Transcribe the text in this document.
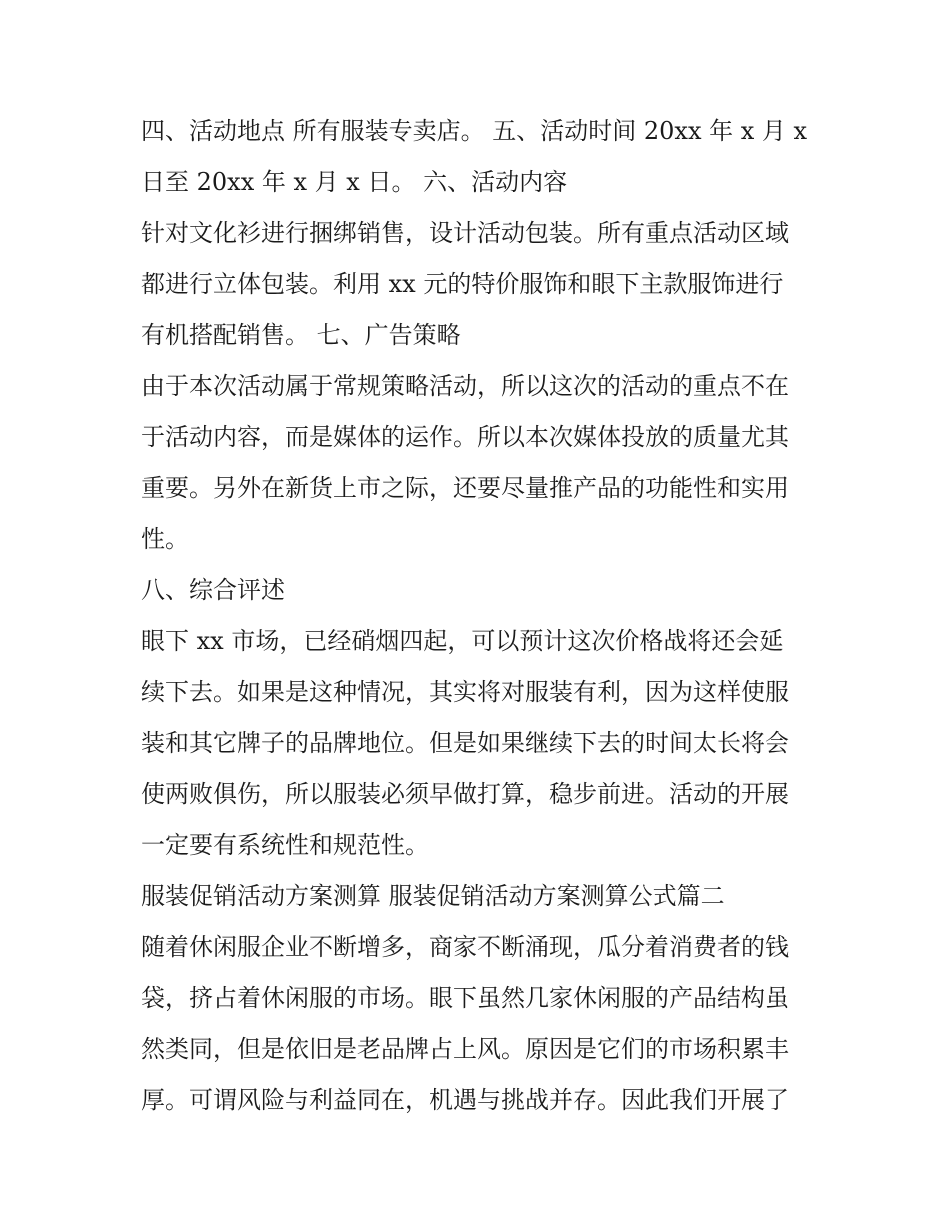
四、活动地点 所有服装专卖店。 五、活动时间 20xx 年 x 月 x
日至 20xx 年 x 月 x 日。 六、活动内容
针对文化衫进行捆绑销售，设计活动包装。所有重点活动区域
都进行立体包装。利用 xx 元的特价服饰和眼下主款服饰进行
有机搭配销售。 七、广告策略
由于本次活动属于常规策略活动，所以这次的活动的重点不在
于活动内容，而是媒体的运作。所以本次媒体投放的质量尤其
重要。另外在新货上市之际，还要尽量推产品的功能性和实用
性。
八、综合评述
眼下 xx 市场，已经硝烟四起，可以预计这次价格战将还会延
续下去。如果是这种情况，其实将对服装有利，因为这样使服
装和其它牌子的品牌地位。但是如果继续下去的时间太长将会
使两败俱伤，所以服装必须早做打算，稳步前进。活动的开展
一定要有系统性和规范性。
服装促销活动方案测算 服装促销活动方案测算公式篇二
随着休闲服企业不断增多，商家不断涌现，瓜分着消费者的钱
袋，挤占着休闲服的市场。眼下虽然几家休闲服的产品结构虽
然类同，但是依旧是老品牌占上风。原因是它们的市场积累丰
厚。可谓风险与利益同在，机遇与挑战并存。因此我们开展了
